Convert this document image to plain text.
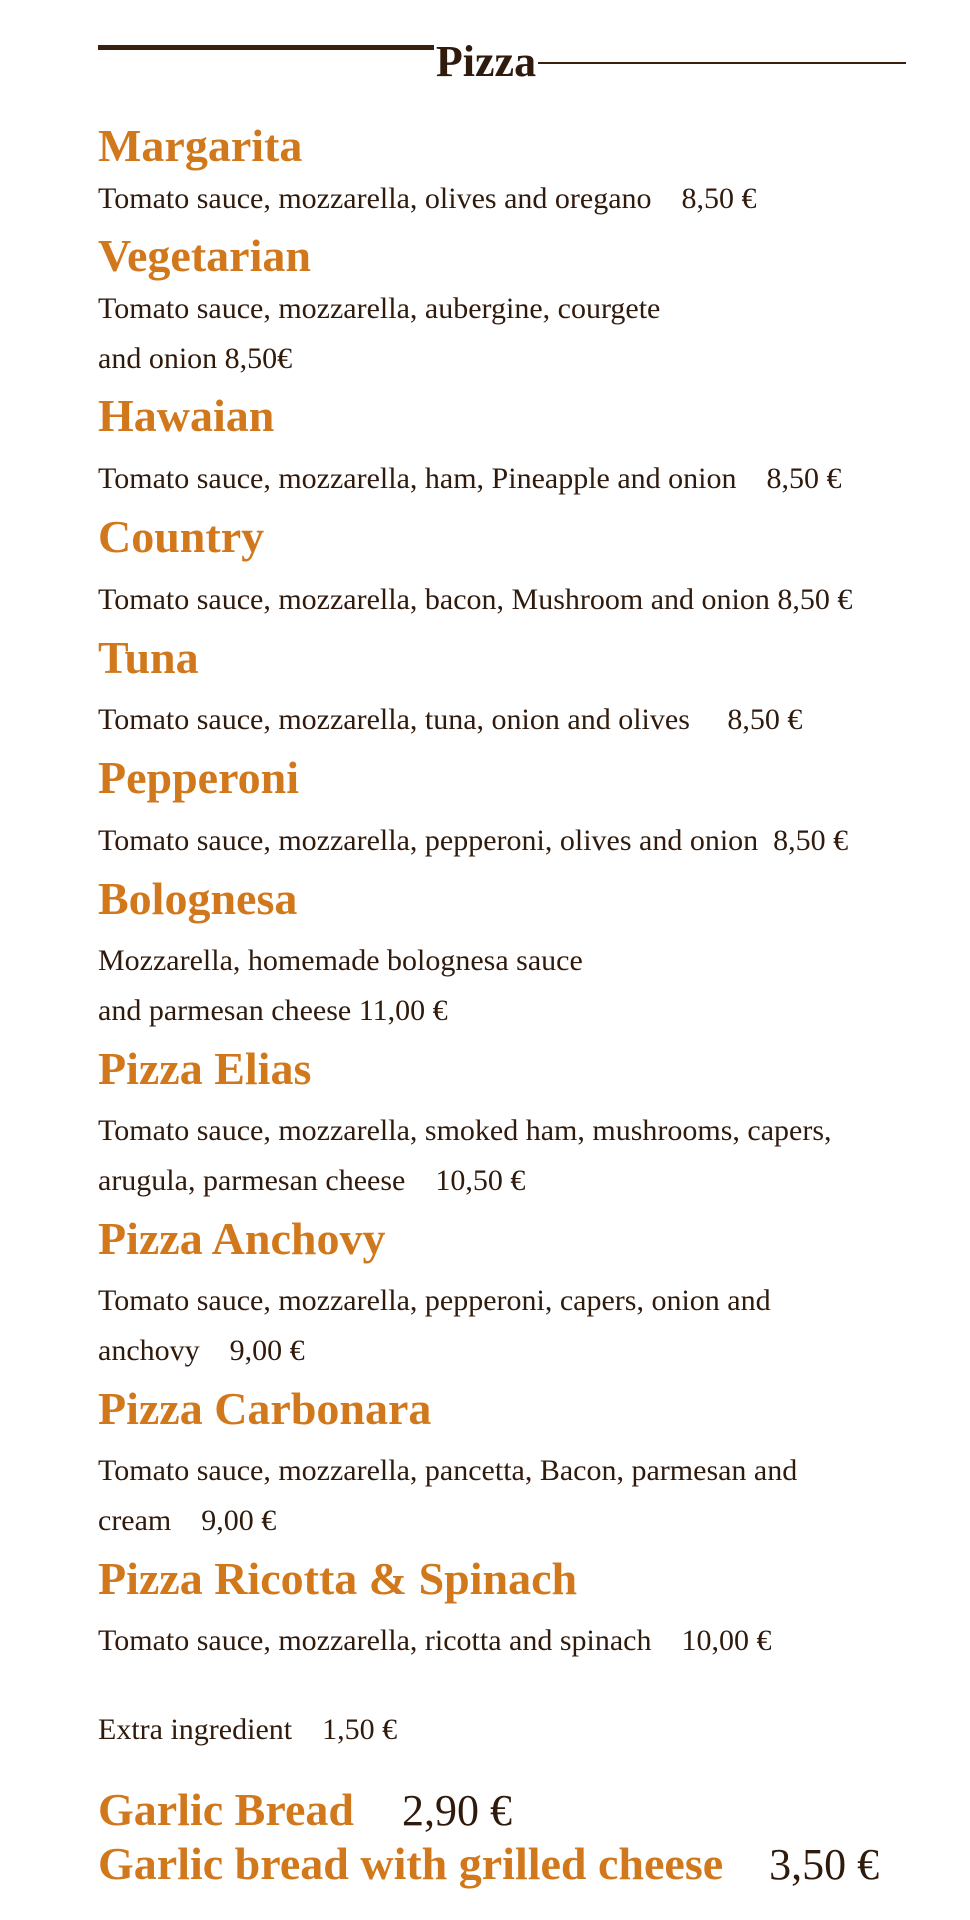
Pizza
Margarita
Tomato sauce, mozzarella, olives and oregano    8,50 €
Vegetarian
Tomato sauce, mozzarella, aubergine, courgete
and onion 8,50€
Hawaian
Tomato sauce, mozzarella, ham, Pineapple and onion    8,50 €
Country
Tomato sauce, mozzarella, bacon, Mushroom and onion 8,50 €
Tuna
Tomato sauce, mozzarella, tuna, onion and olives     8,50 €
Pepperoni
Tomato sauce, mozzarella, pepperoni, olives and onion  8,50 €
Bolognesa
Mozzarella, homemade bolognesa sauce
and parmesan cheese 11,00 €
Pizza Elias
Tomato sauce, mozzarella, smoked ham, mushrooms, capers,
arugula, parmesan cheese    10,50 €
Pizza Anchovy
Tomato sauce, mozzarella, pepperoni, capers, onion and
anchovy    9,00 €
Pizza Carbonara
Tomato sauce, mozzarella, pancetta, Bacon, parmesan and
cream    9,00 €
Pizza Ricotta & Spinach
Tomato sauce, mozzarella, ricotta and spinach    10,00 €
Extra ingredient    1,50 €
Garlic Bread 2,90 €
Garlic bread with grilled cheese 3,50 €
